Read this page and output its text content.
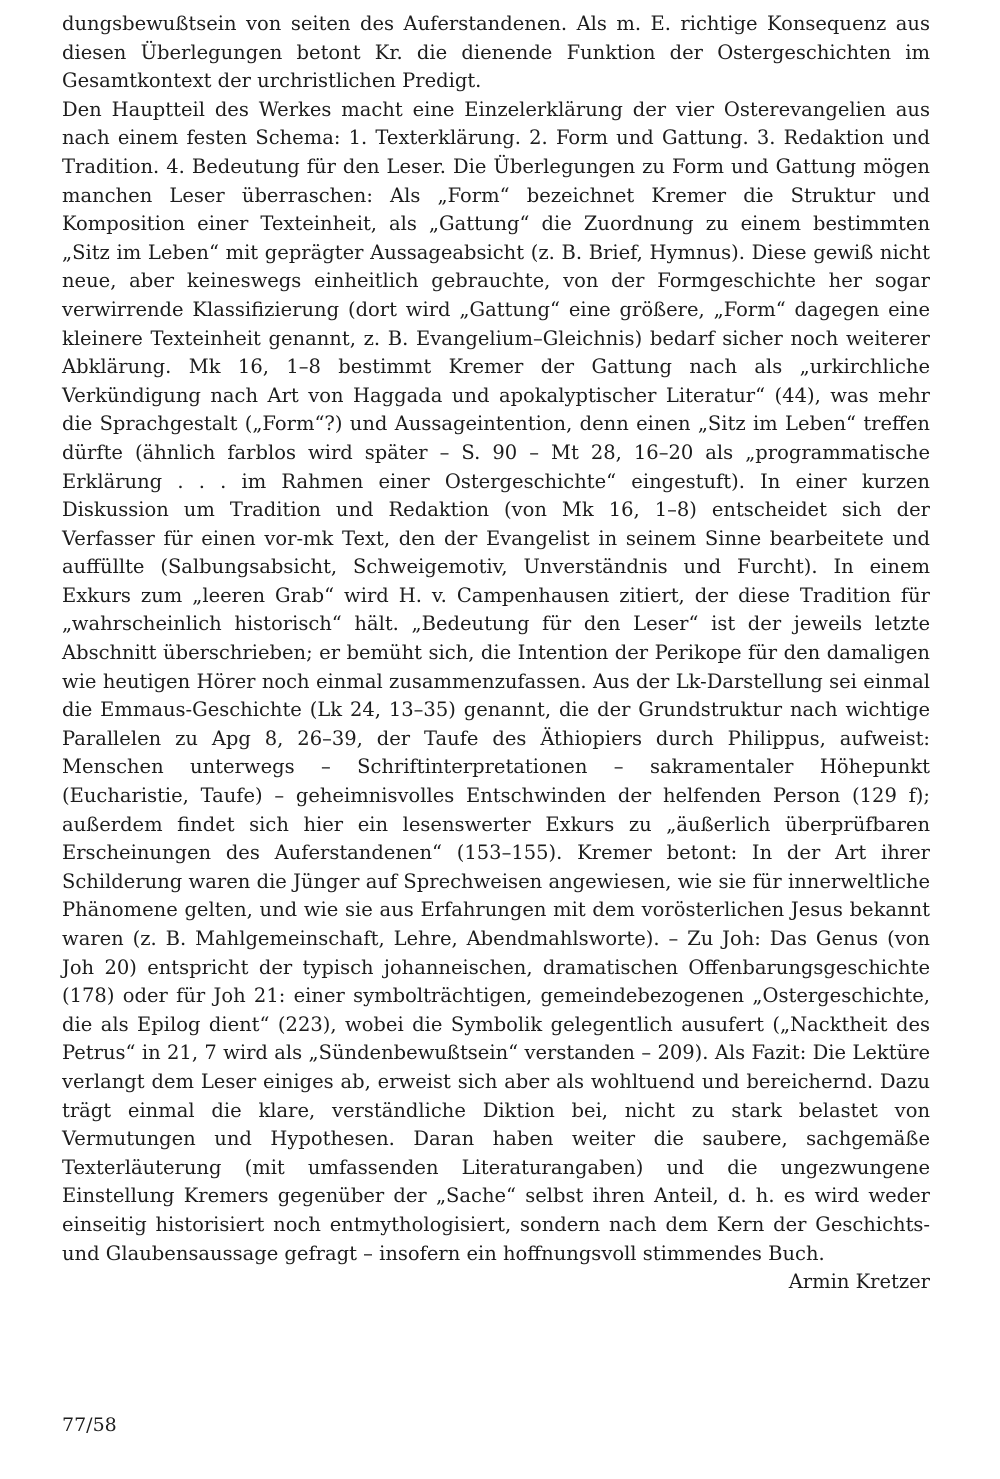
dungsbewußtsein von seiten des Auferstandenen. Als m. E. richtige Konsequenz aus diesen Überlegungen betont Kr. die dienende Funktion der Ostergeschichten im Gesamtkontext der urchristlichen Predigt.

Den Hauptteil des Werkes macht eine Einzelerklärung der vier Osterevangelien aus nach einem festen Schema: 1. Texterklärung. 2. Form und Gattung. 3. Redaktion und Tradition. 4. Bedeutung für den Leser. Die Überlegungen zu Form und Gattung mögen manchen Leser überraschen: Als „Form“ bezeichnet Kremer die Struktur und Komposition einer Texteinheit, als „Gattung“ die Zuordnung zu einem bestimmten „Sitz im Leben“ mit geprägter Aussageabsicht (z. B. Brief, Hymnus). Diese gewiß nicht neue, aber keineswegs einheitlich gebrauchte, von der Formgeschichte her sogar verwirrende Klassifizierung (dort wird „Gattung“ eine größere, „Form“ dagegen eine kleinere Texteinheit genannt, z. B. Evangelium–Gleichnis) bedarf sicher noch weiterer Abklärung. Mk 16, 1–8 bestimmt Kremer der Gattung nach als „urkirchliche Verkündigung nach Art von Haggada und apokalyptischer Literatur“ (44), was mehr die Sprachgestalt („Form“?) und Aussageintention, denn einen „Sitz im Leben“ treffen dürfte (ähnlich farblos wird später – S. 90 – Mt 28, 16–20 als „programmatische Erklärung . . . im Rahmen einer Ostergeschichte“ eingestuft). In einer kurzen Diskussion um Tradition und Redaktion (von Mk 16, 1–8) entscheidet sich der Verfasser für einen vor-mk Text, den der Evangelist in seinem Sinne bearbeitete und auffüllte (Salbungsabsicht, Schweigemotiv, Unverständnis und Furcht). In einem Exkurs zum „leeren Grab“ wird H. v. Campenhausen zitiert, der diese Tradition für „wahrscheinlich historisch“ hält. „Bedeutung für den Leser“ ist der jeweils letzte Abschnitt überschrieben; er bemüht sich, die Intention der Perikope für den damaligen wie heutigen Hörer noch einmal zusammenzufassen. Aus der Lk-Darstellung sei einmal die Emmaus-Geschichte (Lk 24, 13–35) genannt, die der Grundstruktur nach wichtige Parallelen zu Apg 8, 26–39, der Taufe des Äthiopiers durch Philippus, aufweist: Menschen unterwegs – Schriftinterpretationen – sakramentaler Höhepunkt (Eucharistie, Taufe) – geheimnisvolles Entschwinden der helfenden Person (129 f); außerdem findet sich hier ein lesenswerter Exkurs zu „äußerlich überprüfbaren Erscheinungen des Auferstandenen“ (153–155). Kremer betont: In der Art ihrer Schilderung waren die Jünger auf Sprechweisen angewiesen, wie sie für innerweltliche Phänomene gelten, und wie sie aus Erfahrungen mit dem vorösterlichen Jesus bekannt waren (z. B. Mahlgemeinschaft, Lehre, Abendmahlsworte). – Zu Joh: Das Genus (von Joh 20) entspricht der typisch johanneischen, dramatischen Offenbarungsgeschichte (178) oder für Joh 21: einer symbolträchtigen, gemeindebezogenen „Ostergeschichte, die als Epilog dient“ (223), wobei die Symbolik gelegentlich ausufert („Nacktheit des Petrus“ in 21, 7 wird als „Sündenbewußtsein“ verstanden – 209). Als Fazit: Die Lektüre verlangt dem Leser einiges ab, erweist sich aber als wohltuend und bereichernd. Dazu trägt einmal die klare, verständliche Diktion bei, nicht zu stark belastet von Vermutungen und Hypothesen. Daran haben weiter die saubere, sachgemäße Texterläuterung (mit umfassenden Literaturangaben) und die ungezwungene Einstellung Kremers gegenüber der „Sache“ selbst ihren Anteil, d. h. es wird weder einseitig historisiert noch entmythologisiert, sondern nach dem Kern der Geschichts- und Glaubensaussage gefragt – insofern ein hoffnungsvoll stimmendes Buch.

Armin Kretzer

77/58
